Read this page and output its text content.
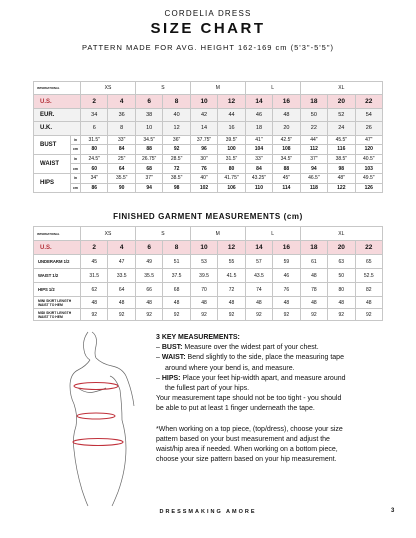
CORDELIA DRESS
SIZE CHART
PATTERN MADE FOR AVG. HEIGHT 162-169 cm (5'3"-5'5")
INTERNATIONAL		XS		S		M		L		XL		
U.S.		2	4	6	8	10	12	14	16	18	20	22
EUR.		34	36	38	40	42	44	46	48	50	52	54
U.K.		6	8	10	12	14	16	18	20	22	24	26
BUST	in	31.5"	33"	34.5"	36"	37.75"	39.5"	41"	42.5"	44"	45.5"	47"
	cm	80	84	88	92	96	100	104	108	112	116	120
WAIST	in	24.5"	25"	26.75"	28.5"	30"	31.5"	33"	34.5"	37"	38.5"	40.5"
	cm	60	64	68	72	76	80	84	88	94	98	103
HIPS	in	34"	35.5"	37"	38.5"	40"	41.75"	43.25"	45"	46.5"	48"	49.5"
	cm	86	90	94	98	102	106	110	114	118	122	126
FINISHED GARMENT MEASUREMENTS (cm)
INTERNATIONAL	XS		S		M		L		XL		
U.S.	2	4	6	8	10	12	14	16	18	20	22
UNDERARM 1/2	45	47	49	51	53	55	57	59	61	63	65
WAIST 1/2	31.5	33.5	35.5	37.5	39.5	41.5	43.5	46	48	50	52.5
HIPS 1/2	62	64	66	68	70	72	74	76	78	80	82
MINI SKIRT LENGTH WAIST TO HEM	48	48	48	48	48	48	48	48	48	48	48
MIDI SKIRT LENGTH WAIST TO HEM	92	92	92	92	92	92	92	92	92	92	92
3 KEY MEASUREMENTS:
– BUST: Measure over the widest part of your chest.
– WAIST: Bend slightly to the side, place the measuring tape
around where your bend is, and measure.
– HIPS: Place your feet hip-width apart, and measure around
the fullest part of your hips.
Your measurement tape should not be too tight - you should
be able to put at least 1 finger underneath the tape.
*When working on a top piece, (top/dress), choose your size
pattern based on your bust measurement and adjust the
waist/hip area if needed. When working on a bottom piece,
choose your size pattern based on your hip measurement.
DRESSMAKING AMORE	3
